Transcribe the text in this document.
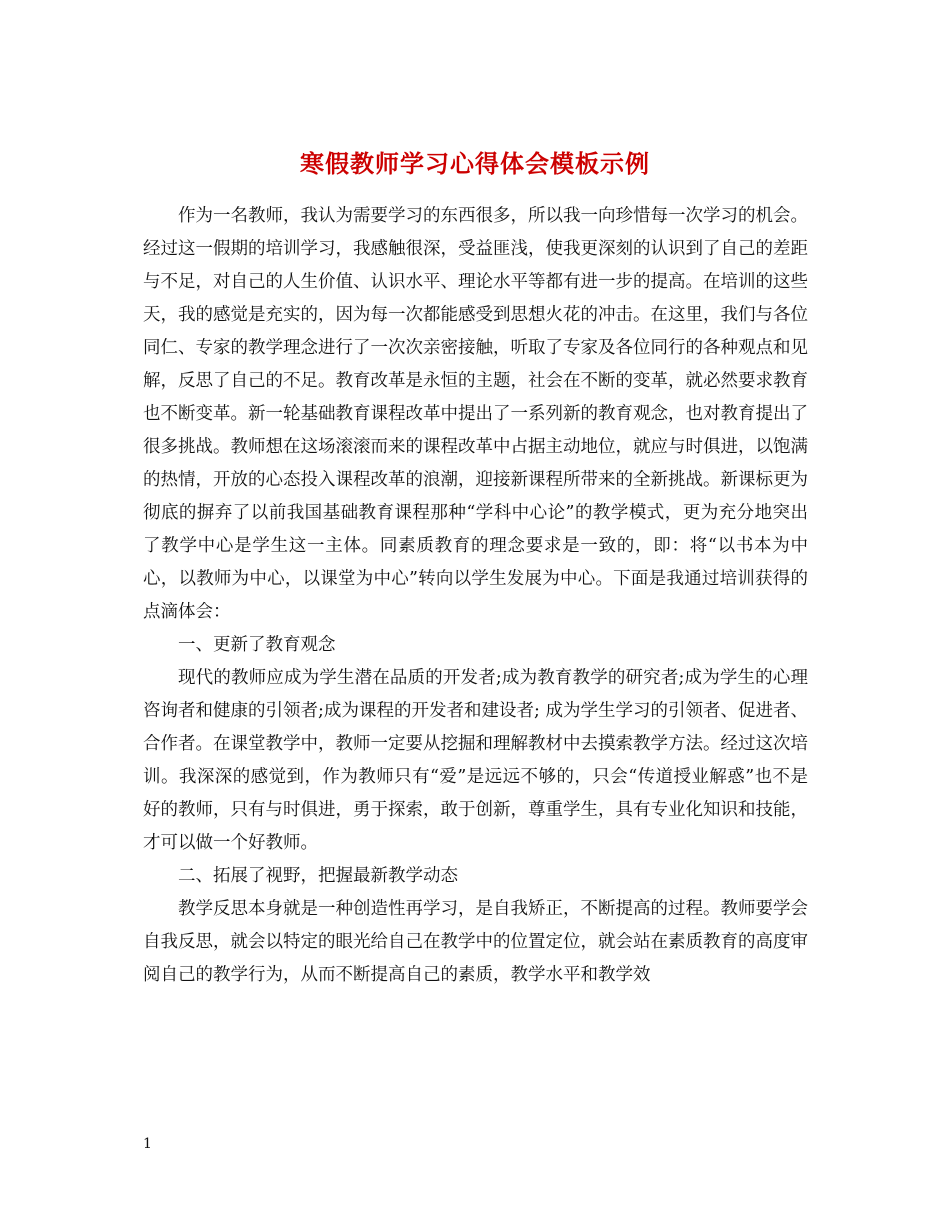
寒假教师学习心得体会模板示例

作为一名教师，我认为需要学习的东西很多，所以我一向珍惜每一次学习的机会。经过这一假期的培训学习，我感触很深，受益匪浅，使我更深刻的认识到了自己的差距与不足，对自己的人生价值、认识水平、理论水平等都有进一步的提高。在培训的这些天，我的感觉是充实的，因为每一次都能感受到思想火花的冲击。在这里，我们与各位同仁、专家的教学理念进行了一次次亲密接触，听取了专家及各位同行的各种观点和见解，反思了自己的不足。教育改革是永恒的主题，社会在不断的变革，就必然要求教育也不断变革。新一轮基础教育课程改革中提出了一系列新的教育观念，也对教育提出了很多挑战。教师想在这场滚滚而来的课程改革中占据主动地位，就应与时俱进，以饱满的热情，开放的心态投入课程改革的浪潮，迎接新课程所带来的全新挑战。新课标更为彻底的摒弃了以前我国基础教育课程那种“学科中心论”的教学模式，更为充分地突出了教学中心是学生这一主体。同素质教育的理念要求是一致的，即：将“以书本为中心，以教师为中心，以课堂为中心”转向以学生发展为中心。下面是我通过培训获得的点滴体会：

一、更新了教育观念

现代的教师应成为学生潜在品质的开发者;成为教育教学的研究者;成为学生的心理咨询者和健康的引领者;成为课程的开发者和建设者; 成为学生学习的引领者、促进者、合作者。在课堂教学中，教师一定要从挖掘和理解教材中去摸索教学方法。经过这次培训。我深深的感觉到，作为教师只有“爱”是远远不够的，只会“传道授业解惑”也不是好的教师，只有与时俱进，勇于探索，敢于创新，尊重学生，具有专业化知识和技能，才可以做一个好教师。

二、拓展了视野，把握最新教学动态

教学反思本身就是一种创造性再学习，是自我矫正，不断提高的过程。教师要学会自我反思，就会以特定的眼光给自己在教学中的位置定位，就会站在素质教育的高度审阅自己的教学行为，从而不断提高自己的素质，教学水平和教学效

1
